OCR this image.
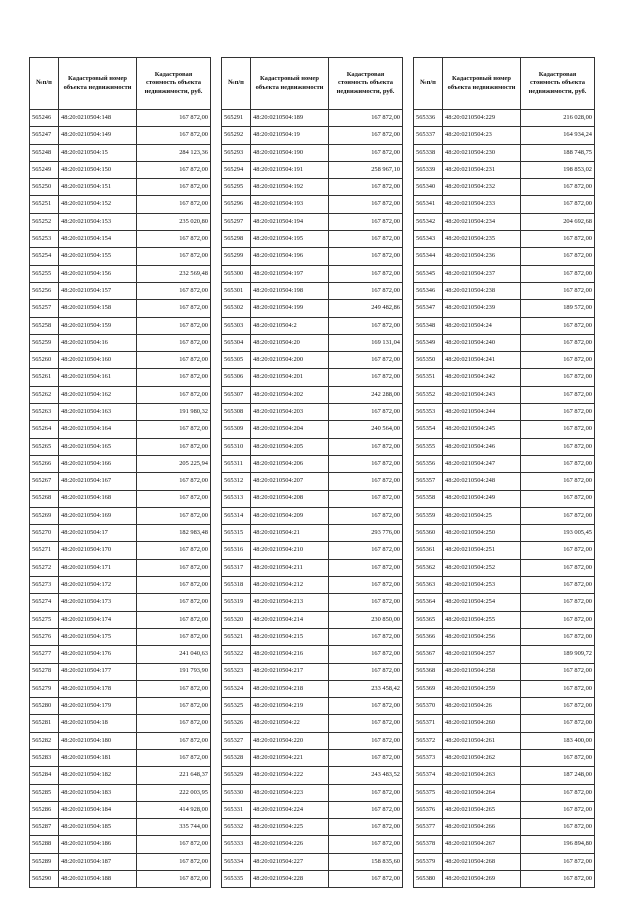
№п/п	Кадастровый номер объекта недвижимости	Кадастровая стоимость объекта недвижимости, руб.
565246	48:20:0210504:148	167 872,00
565247	48:20:0210504:149	167 872,00
565248	48:20:0210504:15	284 123,36
565249	48:20:0210504:150	167 872,00
565250	48:20:0210504:151	167 872,00
565251	48:20:0210504:152	167 872,00
565252	48:20:0210504:153	235 020,80
565253	48:20:0210504:154	167 872,00
565254	48:20:0210504:155	167 872,00
565255	48:20:0210504:156	232 569,48
565256	48:20:0210504:157	167 872,00
565257	48:20:0210504:158	167 872,00
565258	48:20:0210504:159	167 872,00
565259	48:20:0210504:16	167 872,00
565260	48:20:0210504:160	167 872,00
565261	48:20:0210504:161	167 872,00
565262	48:20:0210504:162	167 872,00
565263	48:20:0210504:163	191 980,32
565264	48:20:0210504:164	167 872,00
565265	48:20:0210504:165	167 872,00
565266	48:20:0210504:166	205 225,94
565267	48:20:0210504:167	167 872,00
565268	48:20:0210504:168	167 872,00
565269	48:20:0210504:169	167 872,00
565270	48:20:0210504:17	182 983,48
565271	48:20:0210504:170	167 872,00
565272	48:20:0210504:171	167 872,00
565273	48:20:0210504:172	167 872,00
565274	48:20:0210504:173	167 872,00
565275	48:20:0210504:174	167 872,00
565276	48:20:0210504:175	167 872,00
565277	48:20:0210504:176	241 040,63
565278	48:20:0210504:177	191 793,90
565279	48:20:0210504:178	167 872,00
565280	48:20:0210504:179	167 872,00
565281	48:20:0210504:18	167 872,00
565282	48:20:0210504:180	167 872,00
565283	48:20:0210504:181	167 872,00
565284	48:20:0210504:182	221 648,37
565285	48:20:0210504:183	222 003,95
565286	48:20:0210504:184	414 928,00
565287	48:20:0210504:185	335 744,00
565288	48:20:0210504:186	167 872,00
565289	48:20:0210504:187	167 872,00
565290	48:20:0210504:188	167 872,00
№п/п	Кадастровый номер объекта недвижимости	Кадастровая стоимость объекта недвижимости, руб.
565291	48:20:0210504:189	167 872,00
565292	48:20:0210504:19	167 872,00
565293	48:20:0210504:190	167 872,00
565294	48:20:0210504:191	258 967,10
565295	48:20:0210504:192	167 872,00
565296	48:20:0210504:193	167 872,00
565297	48:20:0210504:194	167 872,00
565298	48:20:0210504:195	167 872,00
565299	48:20:0210504:196	167 872,00
565300	48:20:0210504:197	167 872,00
565301	48:20:0210504:198	167 872,00
565302	48:20:0210504:199	249 482,86
565303	48:20:0210504:2	167 872,00
565304	48:20:0210504:20	169 131,04
565305	48:20:0210504:200	167 872,00
565306	48:20:0210504:201	167 872,00
565307	48:20:0210504:202	242 288,00
565308	48:20:0210504:203	167 872,00
565309	48:20:0210504:204	240 564,00
565310	48:20:0210504:205	167 872,00
565311	48:20:0210504:206	167 872,00
565312	48:20:0210504:207	167 872,00
565313	48:20:0210504:208	167 872,00
565314	48:20:0210504:209	167 872,00
565315	48:20:0210504:21	293 776,00
565316	48:20:0210504:210	167 872,00
565317	48:20:0210504:211	167 872,00
565318	48:20:0210504:212	167 872,00
565319	48:20:0210504:213	167 872,00
565320	48:20:0210504:214	230 850,00
565321	48:20:0210504:215	167 872,00
565322	48:20:0210504:216	167 872,00
565323	48:20:0210504:217	167 872,00
565324	48:20:0210504:218	233 458,42
565325	48:20:0210504:219	167 872,00
565326	48:20:0210504:22	167 872,00
565327	48:20:0210504:220	167 872,00
565328	48:20:0210504:221	167 872,00
565329	48:20:0210504:222	243 483,52
565330	48:20:0210504:223	167 872,00
565331	48:20:0210504:224	167 872,00
565332	48:20:0210504:225	167 872,00
565333	48:20:0210504:226	167 872,00
565334	48:20:0210504:227	158 835,60
565335	48:20:0210504:228	167 872,00
№п/п	Кадастровый номер объекта недвижимости	Кадастровая стоимость объекта недвижимости, руб.
565336	48:20:0210504:229	216 028,00
565337	48:20:0210504:23	164 934,24
565338	48:20:0210504:230	188 748,75
565339	48:20:0210504:231	198 853,02
565340	48:20:0210504:232	167 872,00
565341	48:20:0210504:233	167 872,00
565342	48:20:0210504:234	204 692,68
565343	48:20:0210504:235	167 872,00
565344	48:20:0210504:236	167 872,00
565345	48:20:0210504:237	167 872,00
565346	48:20:0210504:238	167 872,00
565347	48:20:0210504:239	189 572,00
565348	48:20:0210504:24	167 872,00
565349	48:20:0210504:240	167 872,00
565350	48:20:0210504:241	167 872,00
565351	48:20:0210504:242	167 872,00
565352	48:20:0210504:243	167 872,00
565353	48:20:0210504:244	167 872,00
565354	48:20:0210504:245	167 872,00
565355	48:20:0210504:246	167 872,00
565356	48:20:0210504:247	167 872,00
565357	48:20:0210504:248	167 872,00
565358	48:20:0210504:249	167 872,00
565359	48:20:0210504:25	167 872,00
565360	48:20:0210504:250	193 005,45
565361	48:20:0210504:251	167 872,00
565362	48:20:0210504:252	167 872,00
565363	48:20:0210504:253	167 872,00
565364	48:20:0210504:254	167 872,00
565365	48:20:0210504:255	167 872,00
565366	48:20:0210504:256	167 872,00
565367	48:20:0210504:257	189 909,72
565368	48:20:0210504:258	167 872,00
565369	48:20:0210504:259	167 872,00
565370	48:20:0210504:26	167 872,00
565371	48:20:0210504:260	167 872,00
565372	48:20:0210504:261	183 400,00
565373	48:20:0210504:262	167 872,00
565374	48:20:0210504:263	187 248,00
565375	48:20:0210504:264	167 872,00
565376	48:20:0210504:265	167 872,00
565377	48:20:0210504:266	167 872,00
565378	48:20:0210504:267	196 894,80
565379	48:20:0210504:268	167 872,00
565380	48:20:0210504:269	167 872,00
